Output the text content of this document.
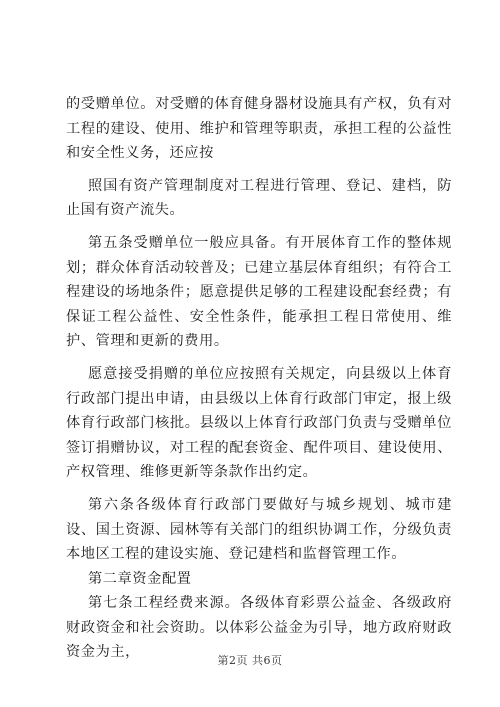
的受赠单位。对受赠的体育健身器材设施具有产权，负有对工程的建设、使用、维护和管理等职责，承担工程的公益性和安全性义务，还应按

照国有资产管理制度对工程进行管理、登记、建档，防止国有资产流失。

第五条受赠单位一般应具备。有开展体育工作的整体规划；群众体育活动较普及；已建立基层体育组织；有符合工程建设的场地条件；愿意提供足够的工程建设配套经费；有保证工程公益性、安全性条件，能承担工程日常使用、维护、管理和更新的费用。

愿意接受捐赠的单位应按照有关规定，向县级以上体育行政部门提出申请，由县级以上体育行政部门审定，报上级体育行政部门核批。县级以上体育行政部门负责与受赠单位签订捐赠协议，对工程的配套资金、配件项目、建设使用、产权管理、维修更新等条款作出约定。

第六条各级体育行政部门要做好与城乡规划、城市建设、国土资源、园林等有关部门的组织协调工作，分级负责本地区工程的建设实施、登记建档和监督管理工作。

第二章资金配置

第七条工程经费来源。各级体育彩票公益金、各级政府财政资金和社会资助。以体彩公益金为引导，地方政府财政资金为主，

第2页 共6页
